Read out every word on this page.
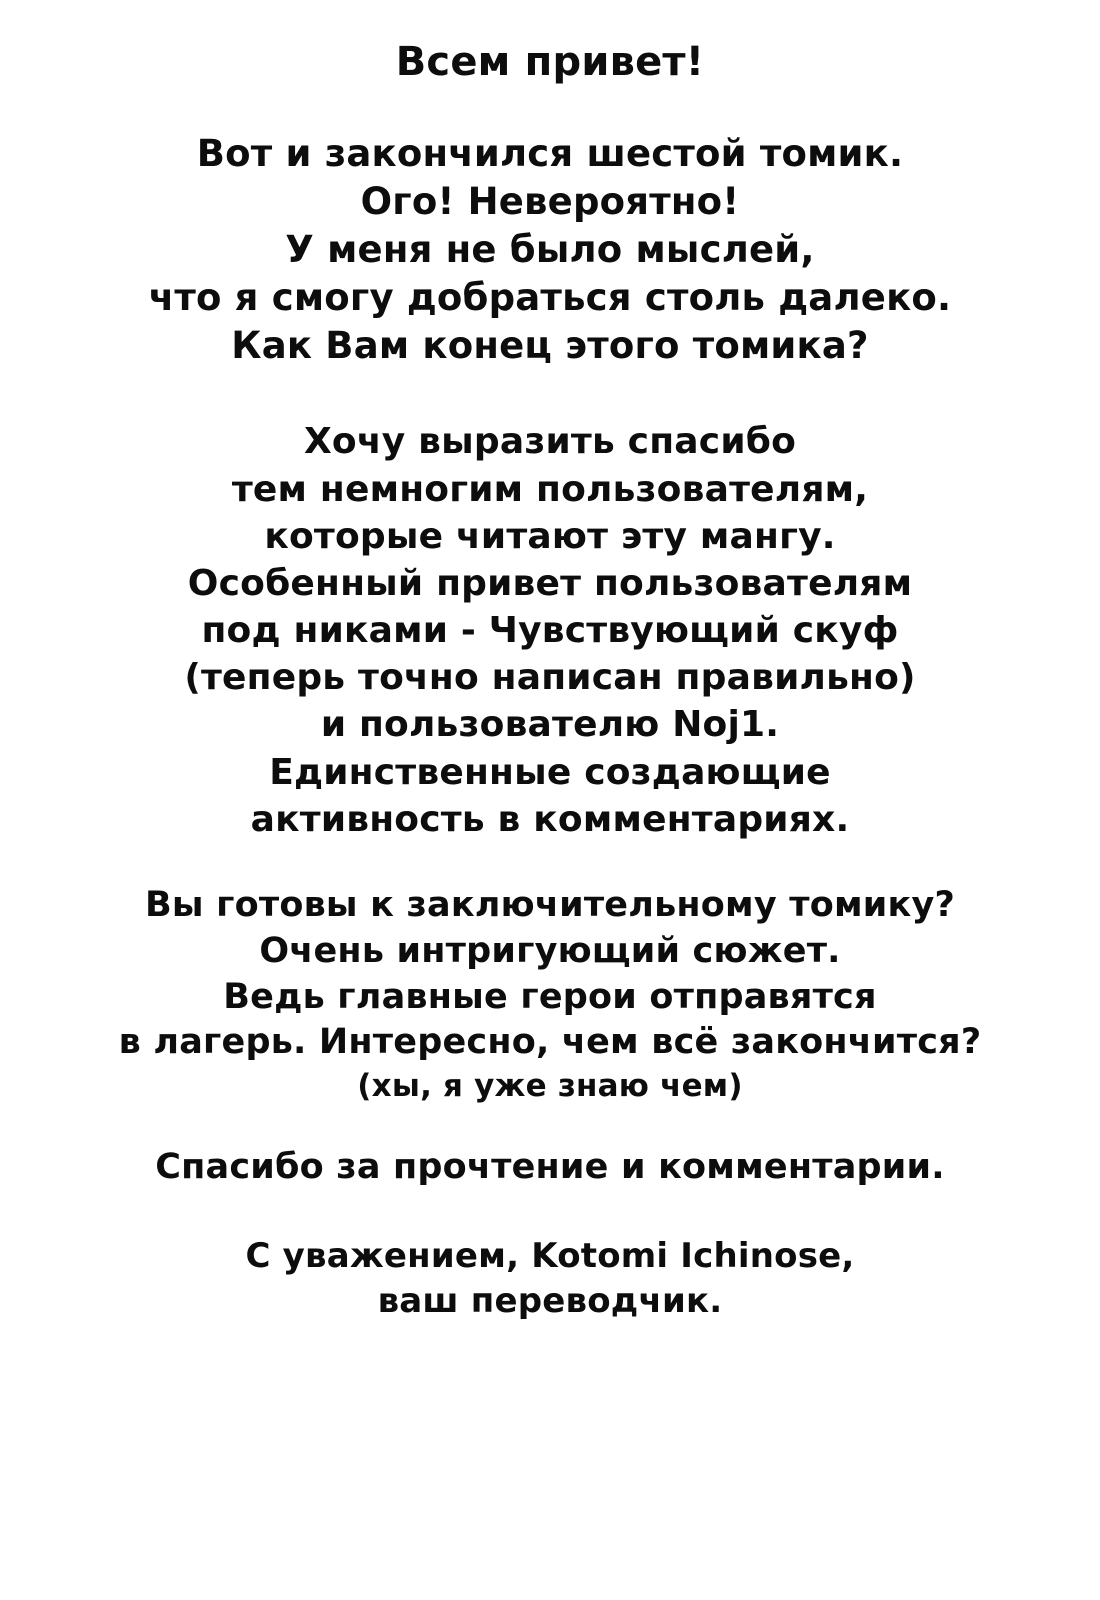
Всем привет!
Вот и закончился шестой томик.
Ого! Невероятно!
У меня не было мыслей,
что я смогу добраться столь далеко.
Как Вам конец этого томика?
Хочу выразить спасибо
тем немногим пользователям,
которые читают эту мангу.
Особенный привет пользователям
под никами - Чувствующий скуф
(теперь точно написан правильно)
и пользователю Noj1.
Единственные создающие
активность в комментариях.
Вы готовы к заключительному томику?
Очень интригующий сюжет.
Ведь главные герои отправятся
в лагерь. Интересно, чем всё закончится?
(хы, я уже знаю чем)
Спасибо за прочтение и комментарии.
С уважением, Kotomi Ichinose,
ваш переводчик.
